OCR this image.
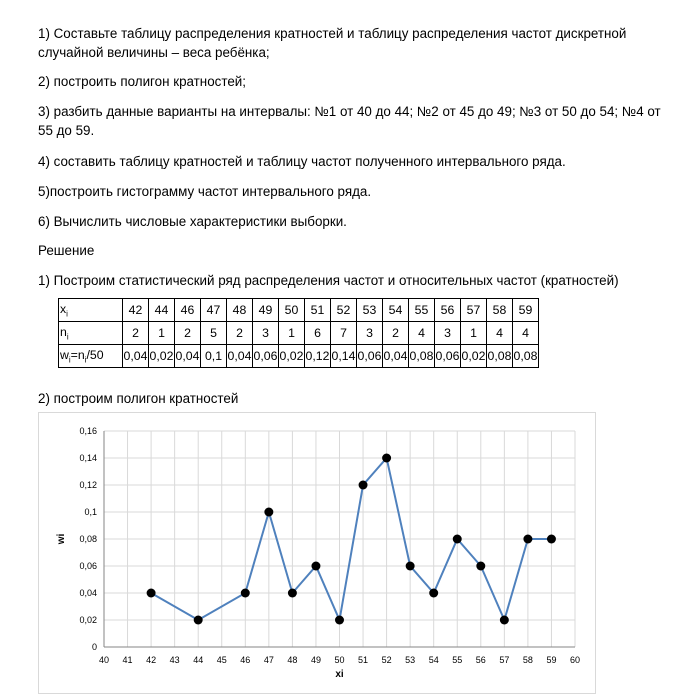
1) Составьте таблицу распределения кратностей и таблицу распределения частот дискретной случайной величины – веса ребёнка;

2) построить полигон кратностей;

3) разбить данные варианты на интервалы: №1 от 40 до 44; №2 от 45 до 49; №3 от 50 до 54; №4 от 55 до 59.

4) составить таблицу кратностей и таблицу частот полученного интервального ряда.

5)построить гистограмму частот интервального ряда.

6) Вычислить числовые характеристики выборки.

Решение

1) Построим статистический ряд распределения частот и относительных частот (кратностей)

$x_i$	42	44	46	47	48	49	50	51	52	53	54	55	56	57	58	59
$n_i$	2	1	2	5	2	3	1	6	7	3	2	4	3	1	4	4
$w_i=n_i/50$	0,04	0,02	0,04	0,1	0,04	0,06	0,02	0,12	0,14	0,06	0,04	0,08	0,06	0,02	0,08	0,08

2) построим полигон кратностей

40 41 42 43 44 45 46 47 48 49 50 51 52 53 54 55 56 57 58 59 60
0
0,02
0,04
0,06
0,08
0,1
0,12
0,14
0,16
xi
wi
